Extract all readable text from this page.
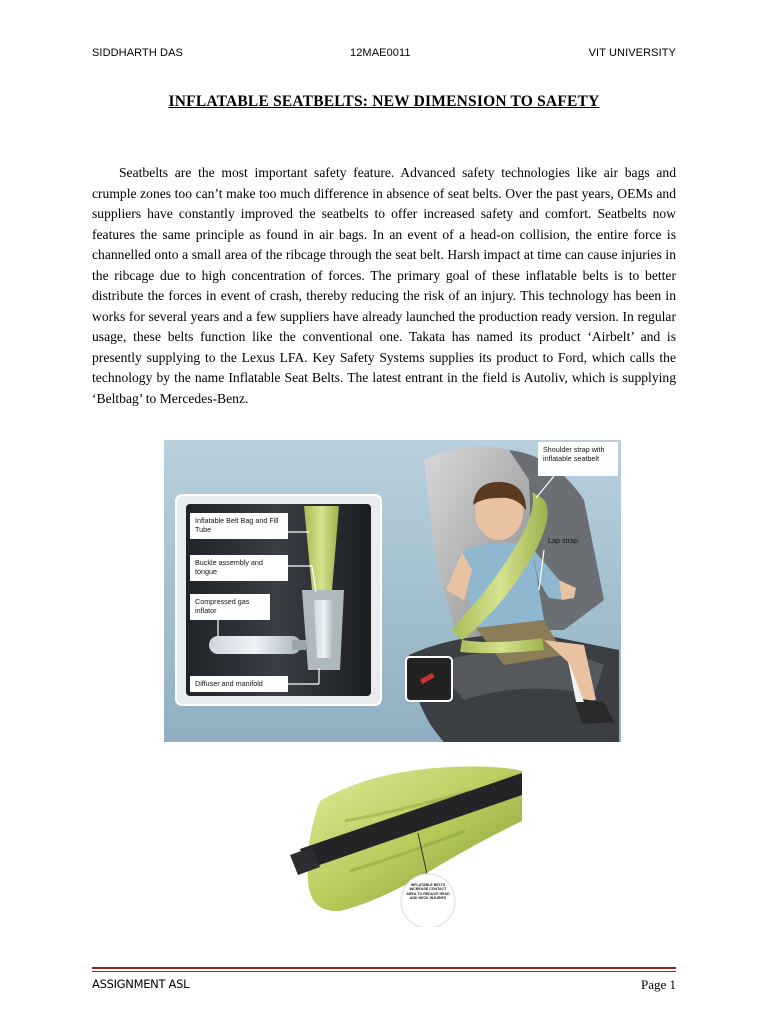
SIDDHARTH DAS	12MAE0011	VIT UNIVERSITY
INFLATABLE SEATBELTS: NEW DIMENSION TO SAFETY

Seatbelts are the most important safety feature. Advanced safety technologies like air bags and crumple zones too can’t make too much difference in absence of seat belts. Over the past years, OEMs and suppliers have constantly improved the seatbelts to offer increased safety and comfort. Seatbelts now features the same principle as found in air bags. In an event of a head-on collision, the entire force is channelled onto a small area of the ribcage through the seat belt. Harsh impact at time can cause injuries in the ribcage due to high concentration of forces. The primary goal of these inflatable belts is to better distribute the forces in event of crash, thereby reducing the risk of an injury. This technology has been in works for several years and a few suppliers have already launched the production ready version. In regular usage, these belts function like the conventional one. Takata has named its product ‘Airbelt’ and is presently supplying to the Lexus LFA. Key Safety Systems supplies its product to Ford, which calls the technology by the name Inflatable Seat Belts. The latest entrant in the field is Autoliv, which is supplying ‘Beltbag’ to Mercedes-Benz.

Shoulder strap with inflatable seatbelt
Lap strap
Inflatable Belt Bag and Fill Tube
Buckle assembly and tongue
Compressed gas inflator
Diffuser and manifold
INFLATABLE BELTS INCREASE CONTACT AREA TO REDUCE HEAD AND NECK INJURIES
ASSIGNMENT ASL	Page 1
